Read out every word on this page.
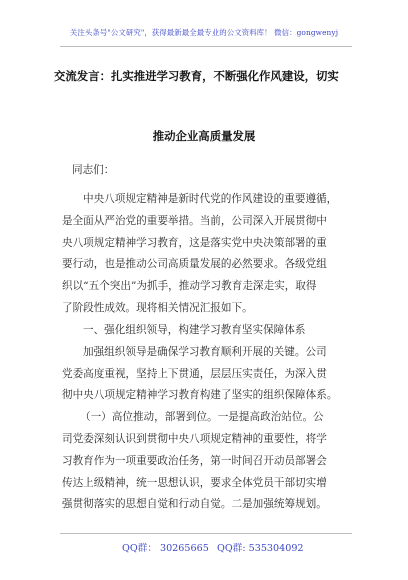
关注头条号"公文研究"，获得最新最全最专业的公文资料库！ 微信：gongwenyj
交流发言：扎实推进学习教育，不断强化作风建设，切实
推动企业高质量发展
同志们：
中央八项规定精神是新时代党的作风建设的重要遵循，
是全面从严治党的重要举措。当前，公司深入开展贯彻中
央八项规定精神学习教育，这是落实党中央决策部署的重
要行动，也是推动公司高质量发展的必然要求。各级党组
织以“五个突出”为抓手，推动学习教育走深走实，取得
了阶段性成效。现将相关情况汇报如下。
一、强化组织领导，构建学习教育坚实保障体系
加强组织领导是确保学习教育顺利开展的关键。公司
党委高度重视，坚持上下贯通，层层压实责任，为深入贯
彻中央八项规定精神学习教育构建了坚实的组织保障体系。
（一）高位推动，部署到位。一是提高政治站位。公
司党委深刻认识到贯彻中央八项规定精神的重要性，将学
习教育作为一项重要政治任务，第一时间召开动员部署会
传达上级精神，统一思想认识，要求全体党员干部切实增
强贯彻落实的思想自觉和行动自觉。二是加强统筹规划。
QQ群： 30265665 QQ群: 535304092
